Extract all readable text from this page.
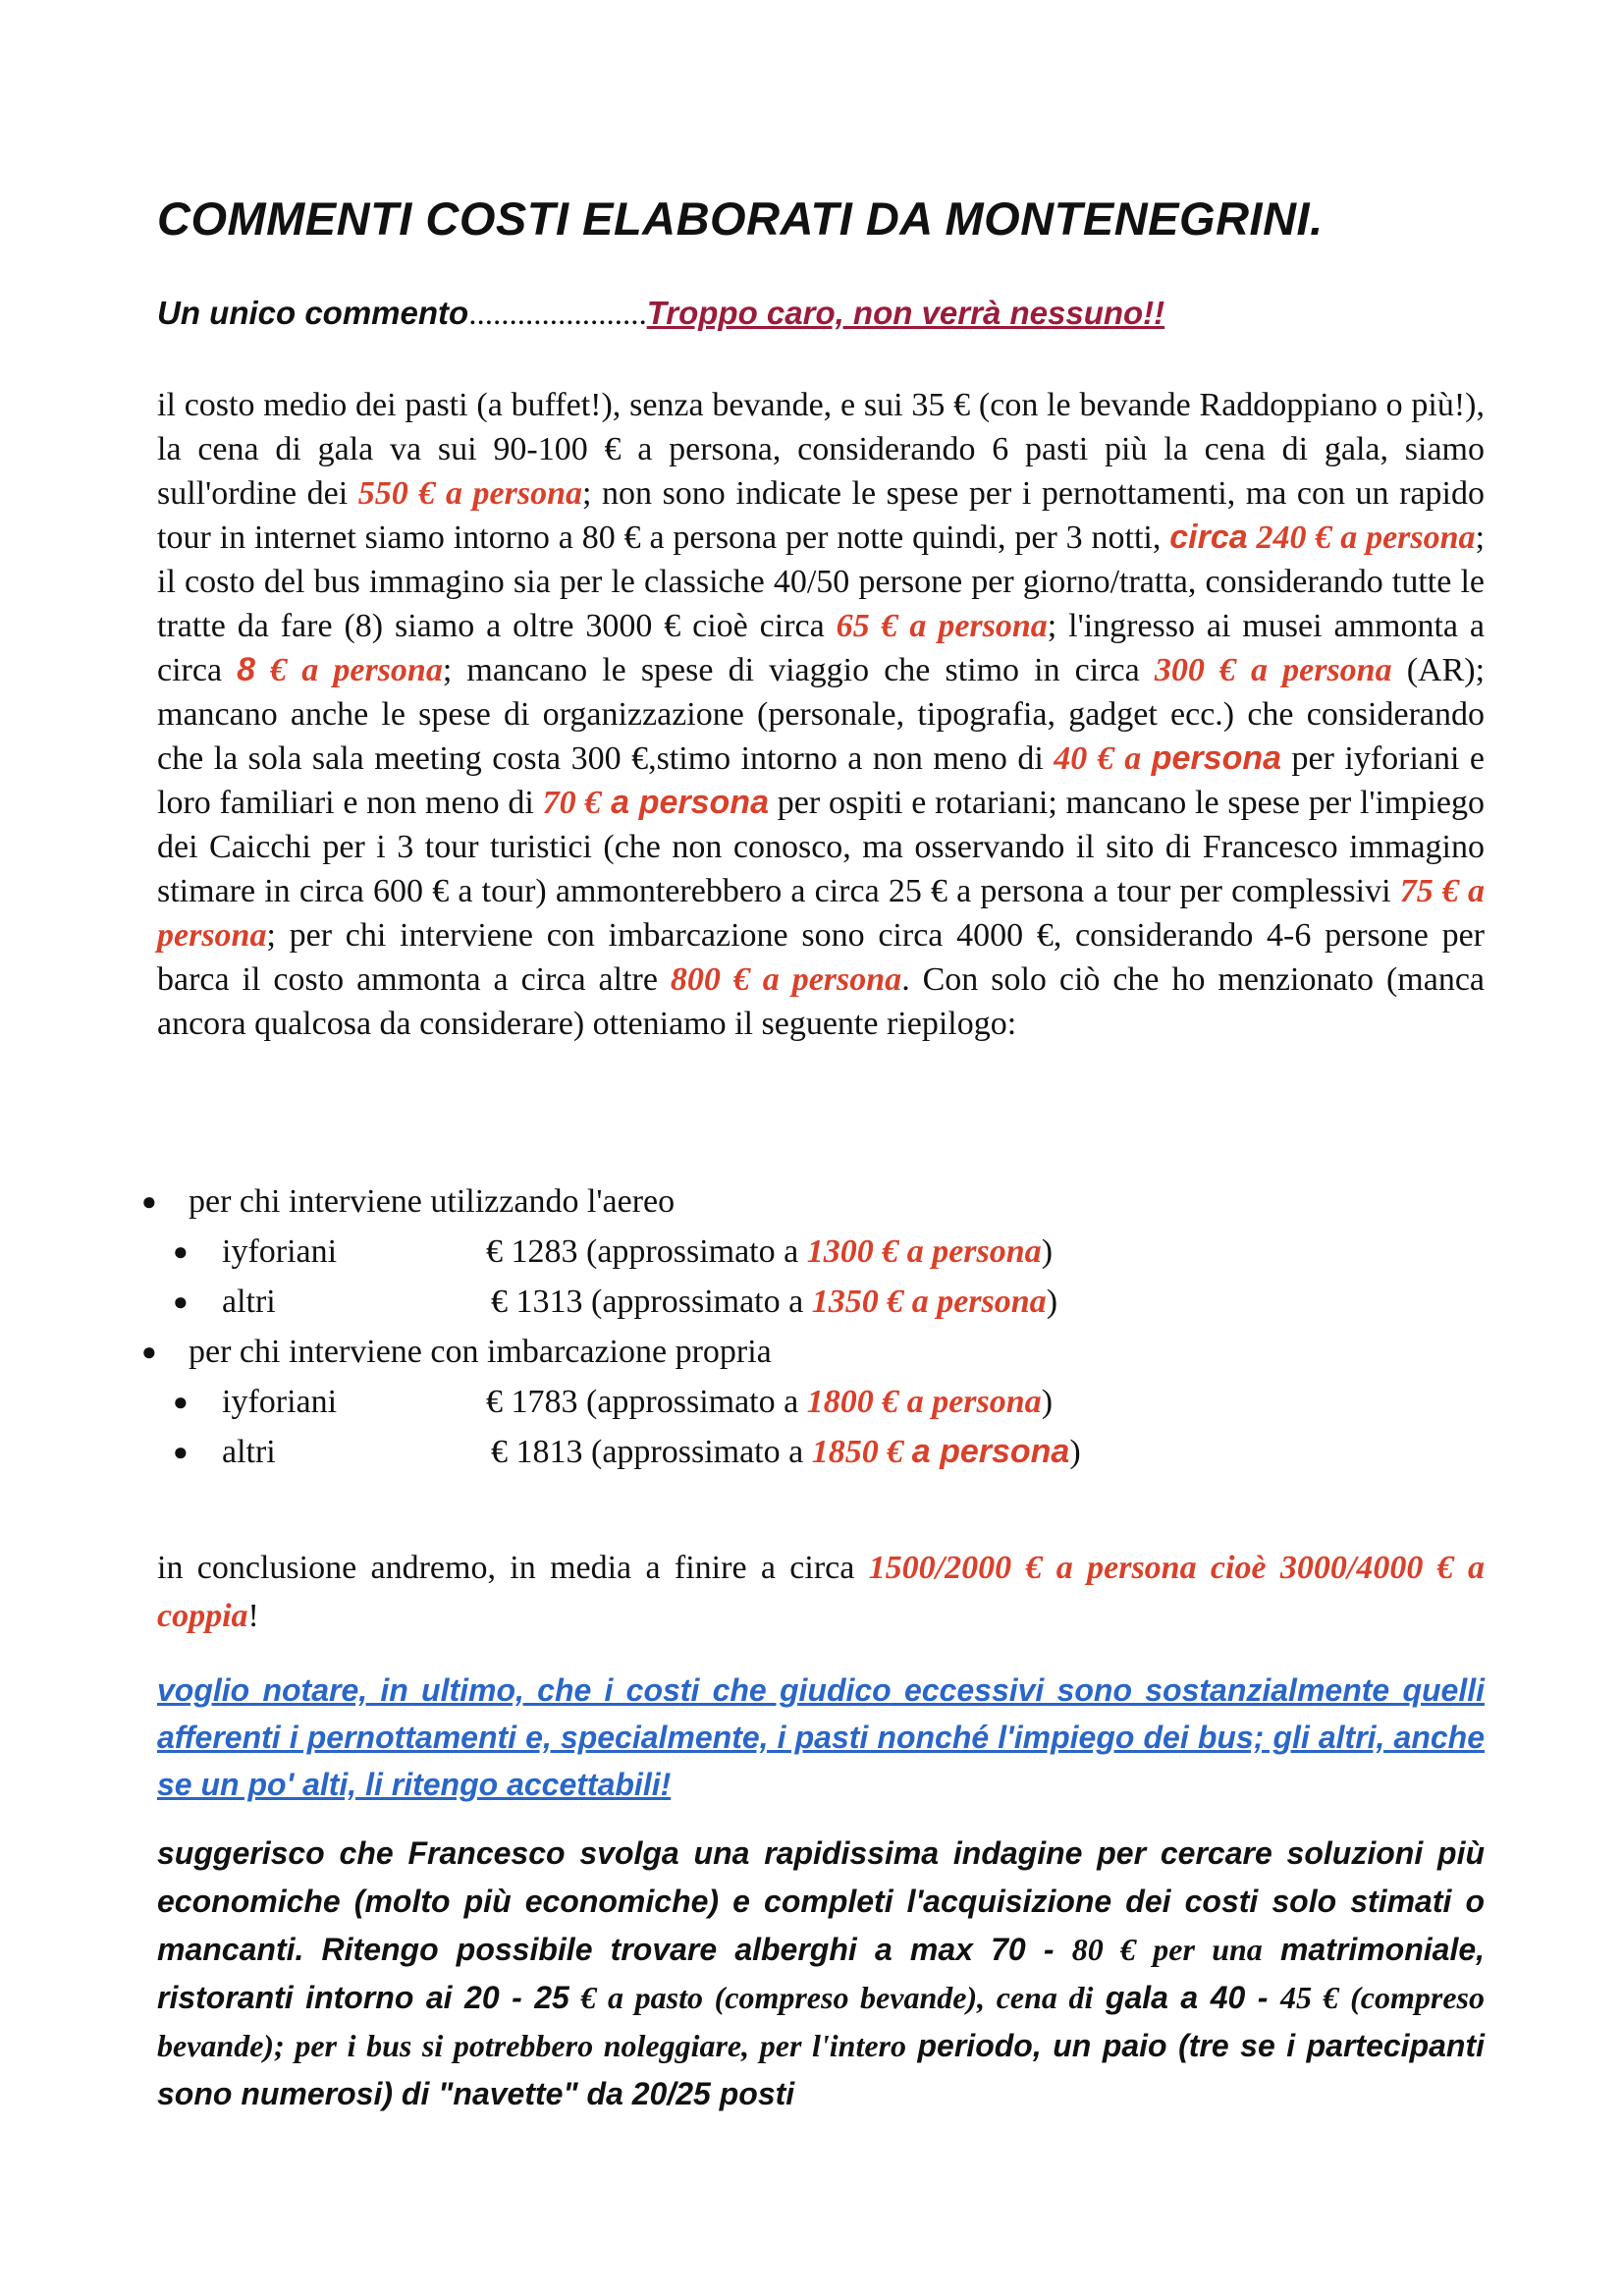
COMMENTI COSTI ELABORATI DA MONTENEGRINI.

Un unico commento......................Troppo caro, non verrà nessuno!!

il costo medio dei pasti (a buffet!), senza bevande, e sui 35 € (con le bevande Raddoppiano o più!), la cena di gala va sui 90-100 € a persona, considerando 6 pasti più la cena di gala, siamo sull'ordine dei 550 € a persona; non sono indicate le spese per i pernottamenti, ma con un rapido tour in internet siamo intorno a 80 € a persona per notte quindi, per 3 notti, circa 240 € a persona; il costo del bus immagino sia per le classiche 40/50 persone per giorno/tratta, considerando tutte le tratte da fare (8) siamo a oltre 3000 € cioè circa 65 € a persona; l'ingresso ai musei ammonta a circa 8 € a persona; mancano le spese di viaggio che stimo in circa 300 € a persona (AR); mancano anche le spese di organizzazione (personale, tipografia, gadget ecc.) che considerando che la sola sala meeting costa 300 €,stimo intorno a non meno di 40 € a persona per iyforiani e loro familiari e non meno di 70 € a persona per ospiti e rotariani; mancano le spese per l'impiego dei Caicchi per i 3 tour turistici (che non conosco, ma osservando il sito di Francesco immagino stimare in circa 600 € a tour) ammonterebbero a circa 25 € a persona a tour per complessivi 75 € a persona; per chi interviene con imbarcazione sono circa 4000 €, considerando 4-6 persone per barca il costo ammonta a circa altre 800 € a persona. Con solo ciò che ho menzionato (manca ancora qualcosa da considerare) otteniamo il seguente riepilogo:

● per chi interviene utilizzando l'aereo
● iyforiani	€ 1283 (approssimato a 1300 € a persona)
● altri	€ 1313 (approssimato a 1350 € a persona)
● per chi interviene con imbarcazione propria
● iyforiani	€ 1783 (approssimato a 1800 € a persona)
● altri	€ 1813 (approssimato a 1850 € a persona)

in conclusione andremo, in media a finire a circa 1500/2000 € a persona cioè 3000/4000 € a coppia!

voglio notare, in ultimo, che i costi che giudico eccessivi sono sostanzialmente quelli afferenti i pernottamenti e, specialmente, i pasti nonché l'impiego dei bus; gli altri, anche se un po' alti, li ritengo accettabili!

suggerisco che Francesco svolga una rapidissima indagine per cercare soluzioni più economiche (molto più economiche) e completi l'acquisizione dei costi solo stimati o mancanti. Ritengo possibile trovare alberghi a max 70 - 80 € per una matrimoniale, ristoranti intorno ai 20 - 25 € a pasto (compreso bevande), cena di gala a 40 - 45 € (compreso bevande); per i bus si potrebbero noleggiare, per l'intero periodo, un paio (tre se i partecipanti sono numerosi) di "navette" da 20/25 posti
